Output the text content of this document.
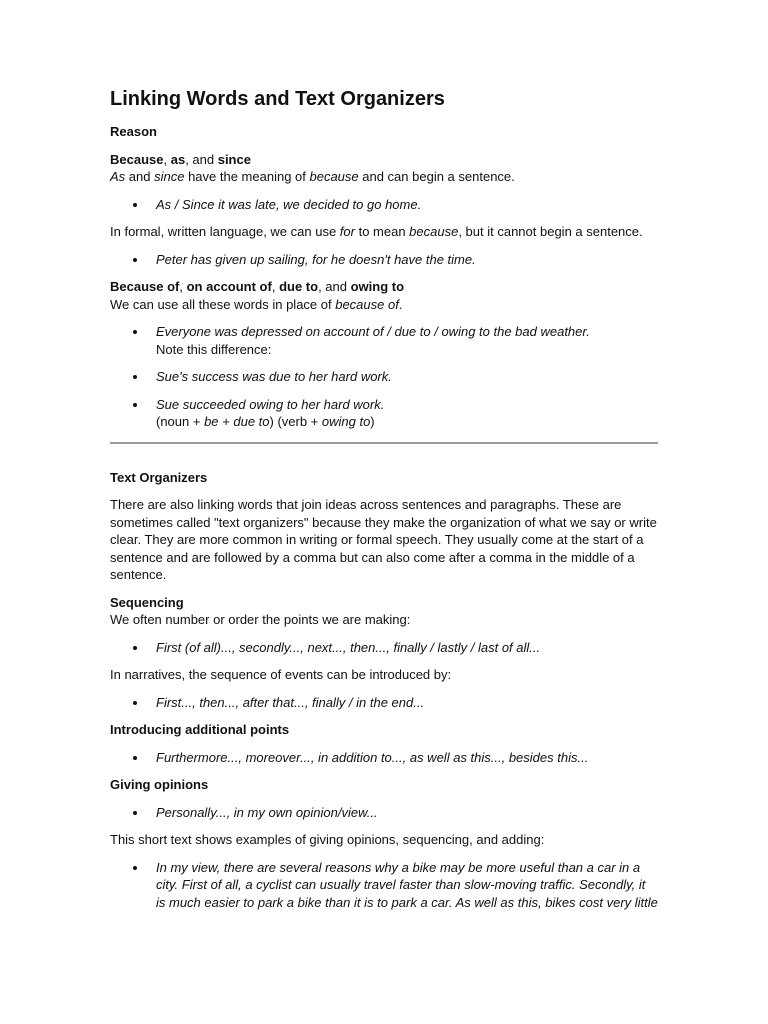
Linking Words and Text Organizers
Reason

Because, as, and since

As and since have the meaning of because and can begin a sentence.

As / Since it was late, we decided to go home.

In formal, written language, we can use for to mean because, but it cannot begin a sentence.

Peter has given up sailing, for he doesn't have the time.

Because of, on account of, due to, and owing to

We can use all these words in place of because of.

Everyone was depressed on account of / due to / owing to the bad weather.
Note this difference:
Sue's success was due to her hard work.
Sue succeeded owing to her hard work.
(noun + be + due to) (verb + owing to)
Text Organizers

There are also linking words that join ideas across sentences and paragraphs. These are sometimes called "text organizers" because they make the organization of what we say or write clear. They are more common in writing or formal speech. They usually come at the start of a sentence and are followed by a comma but can also come after a comma in the middle of a sentence.

Sequencing

We often number or order the points we are making:

First (of all)..., secondly..., next..., then..., finally / lastly / last of all...

In narratives, the sequence of events can be introduced by:

First..., then..., after that..., finally / in the end...
Introducing additional points
Furthermore..., moreover..., in addition to..., as well as this..., besides this...
Giving opinions
Personally..., in my own opinion/view...

This short text shows examples of giving opinions, sequencing, and adding:

In my view, there are several reasons why a bike may be more useful than a car in a city. First of all, a cyclist can usually travel faster than slow-moving traffic. Secondly, it is much easier to park a bike than it is to park a car. As well as this, bikes cost very little
